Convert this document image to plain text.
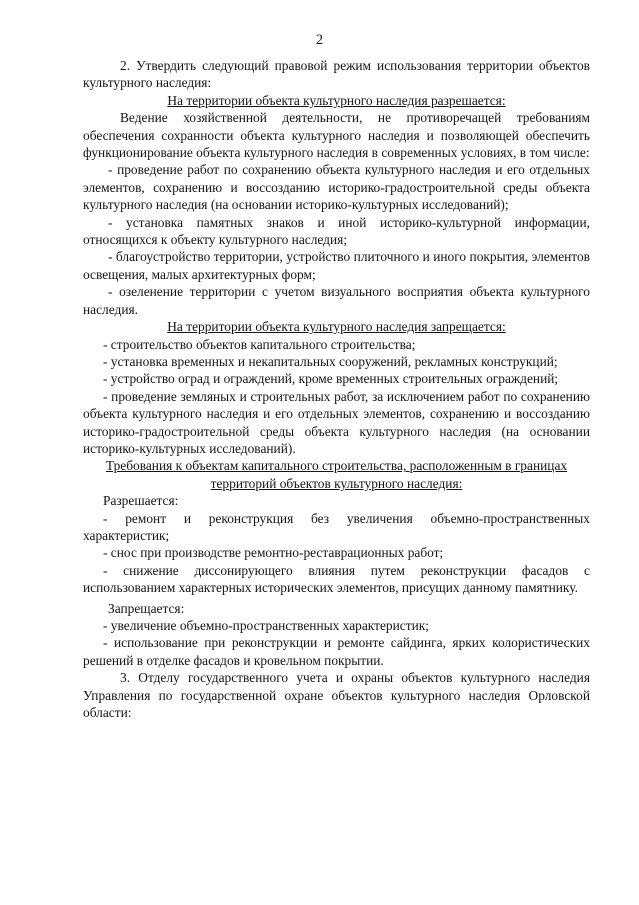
2

2. Утвердить следующий правовой режим использования территории объектов культурного наследия:

На территории объекта культурного наследия разрешается:

Ведение хозяйственной деятельности, не противоречащей требованиям обеспечения сохранности объекта культурного наследия и позволяющей обеспечить функционирование объекта культурного наследия в современных условиях, в том числе:

- проведение работ по сохранению объекта культурного наследия и его отдельных элементов, сохранению и воссозданию историко-градостроительной среды объекта культурного наследия (на основании историко-культурных исследований);

- установка памятных знаков и иной историко-культурной информации, относящихся к объекту культурного наследия;

- благоустройство территории, устройство плиточного и иного покрытия, элементов освещения, малых архитектурных форм;

- озеленение территории с учетом визуального восприятия объекта культурного наследия.

На территории объекта культурного наследия запрещается:

- строительство объектов капитального строительства;

- установка временных и некапитальных сооружений, рекламных конструкций;

- устройство оград и ограждений, кроме временных строительных ограждений;

- проведение земляных и строительных работ, за исключением работ по сохранению объекта культурного наследия и его отдельных элементов, сохранению и воссозданию историко-градостроительной среды объекта культурного наследия (на основании историко-культурных исследований).

Требования к объектам капитального строительства, расположенным в границах территорий объектов культурного наследия:

Разрешается:

- ремонт и реконструкция без увеличения объемно-пространственных характеристик;

- снос при производстве ремонтно-реставрационных работ;

- снижение диссонирующего влияния путем реконструкции фасадов с использованием характерных исторических элементов, присущих данному памятнику.

Запрещается:

- увеличение объемно-пространственных характеристик;

- использование при реконструкции и ремонте сайдинга, ярких колористических решений в отделке фасадов и кровельном покрытии.

3. Отделу государственного учета и охраны объектов культурного наследия Управления по государственной охране объектов культурного наследия Орловской области:
